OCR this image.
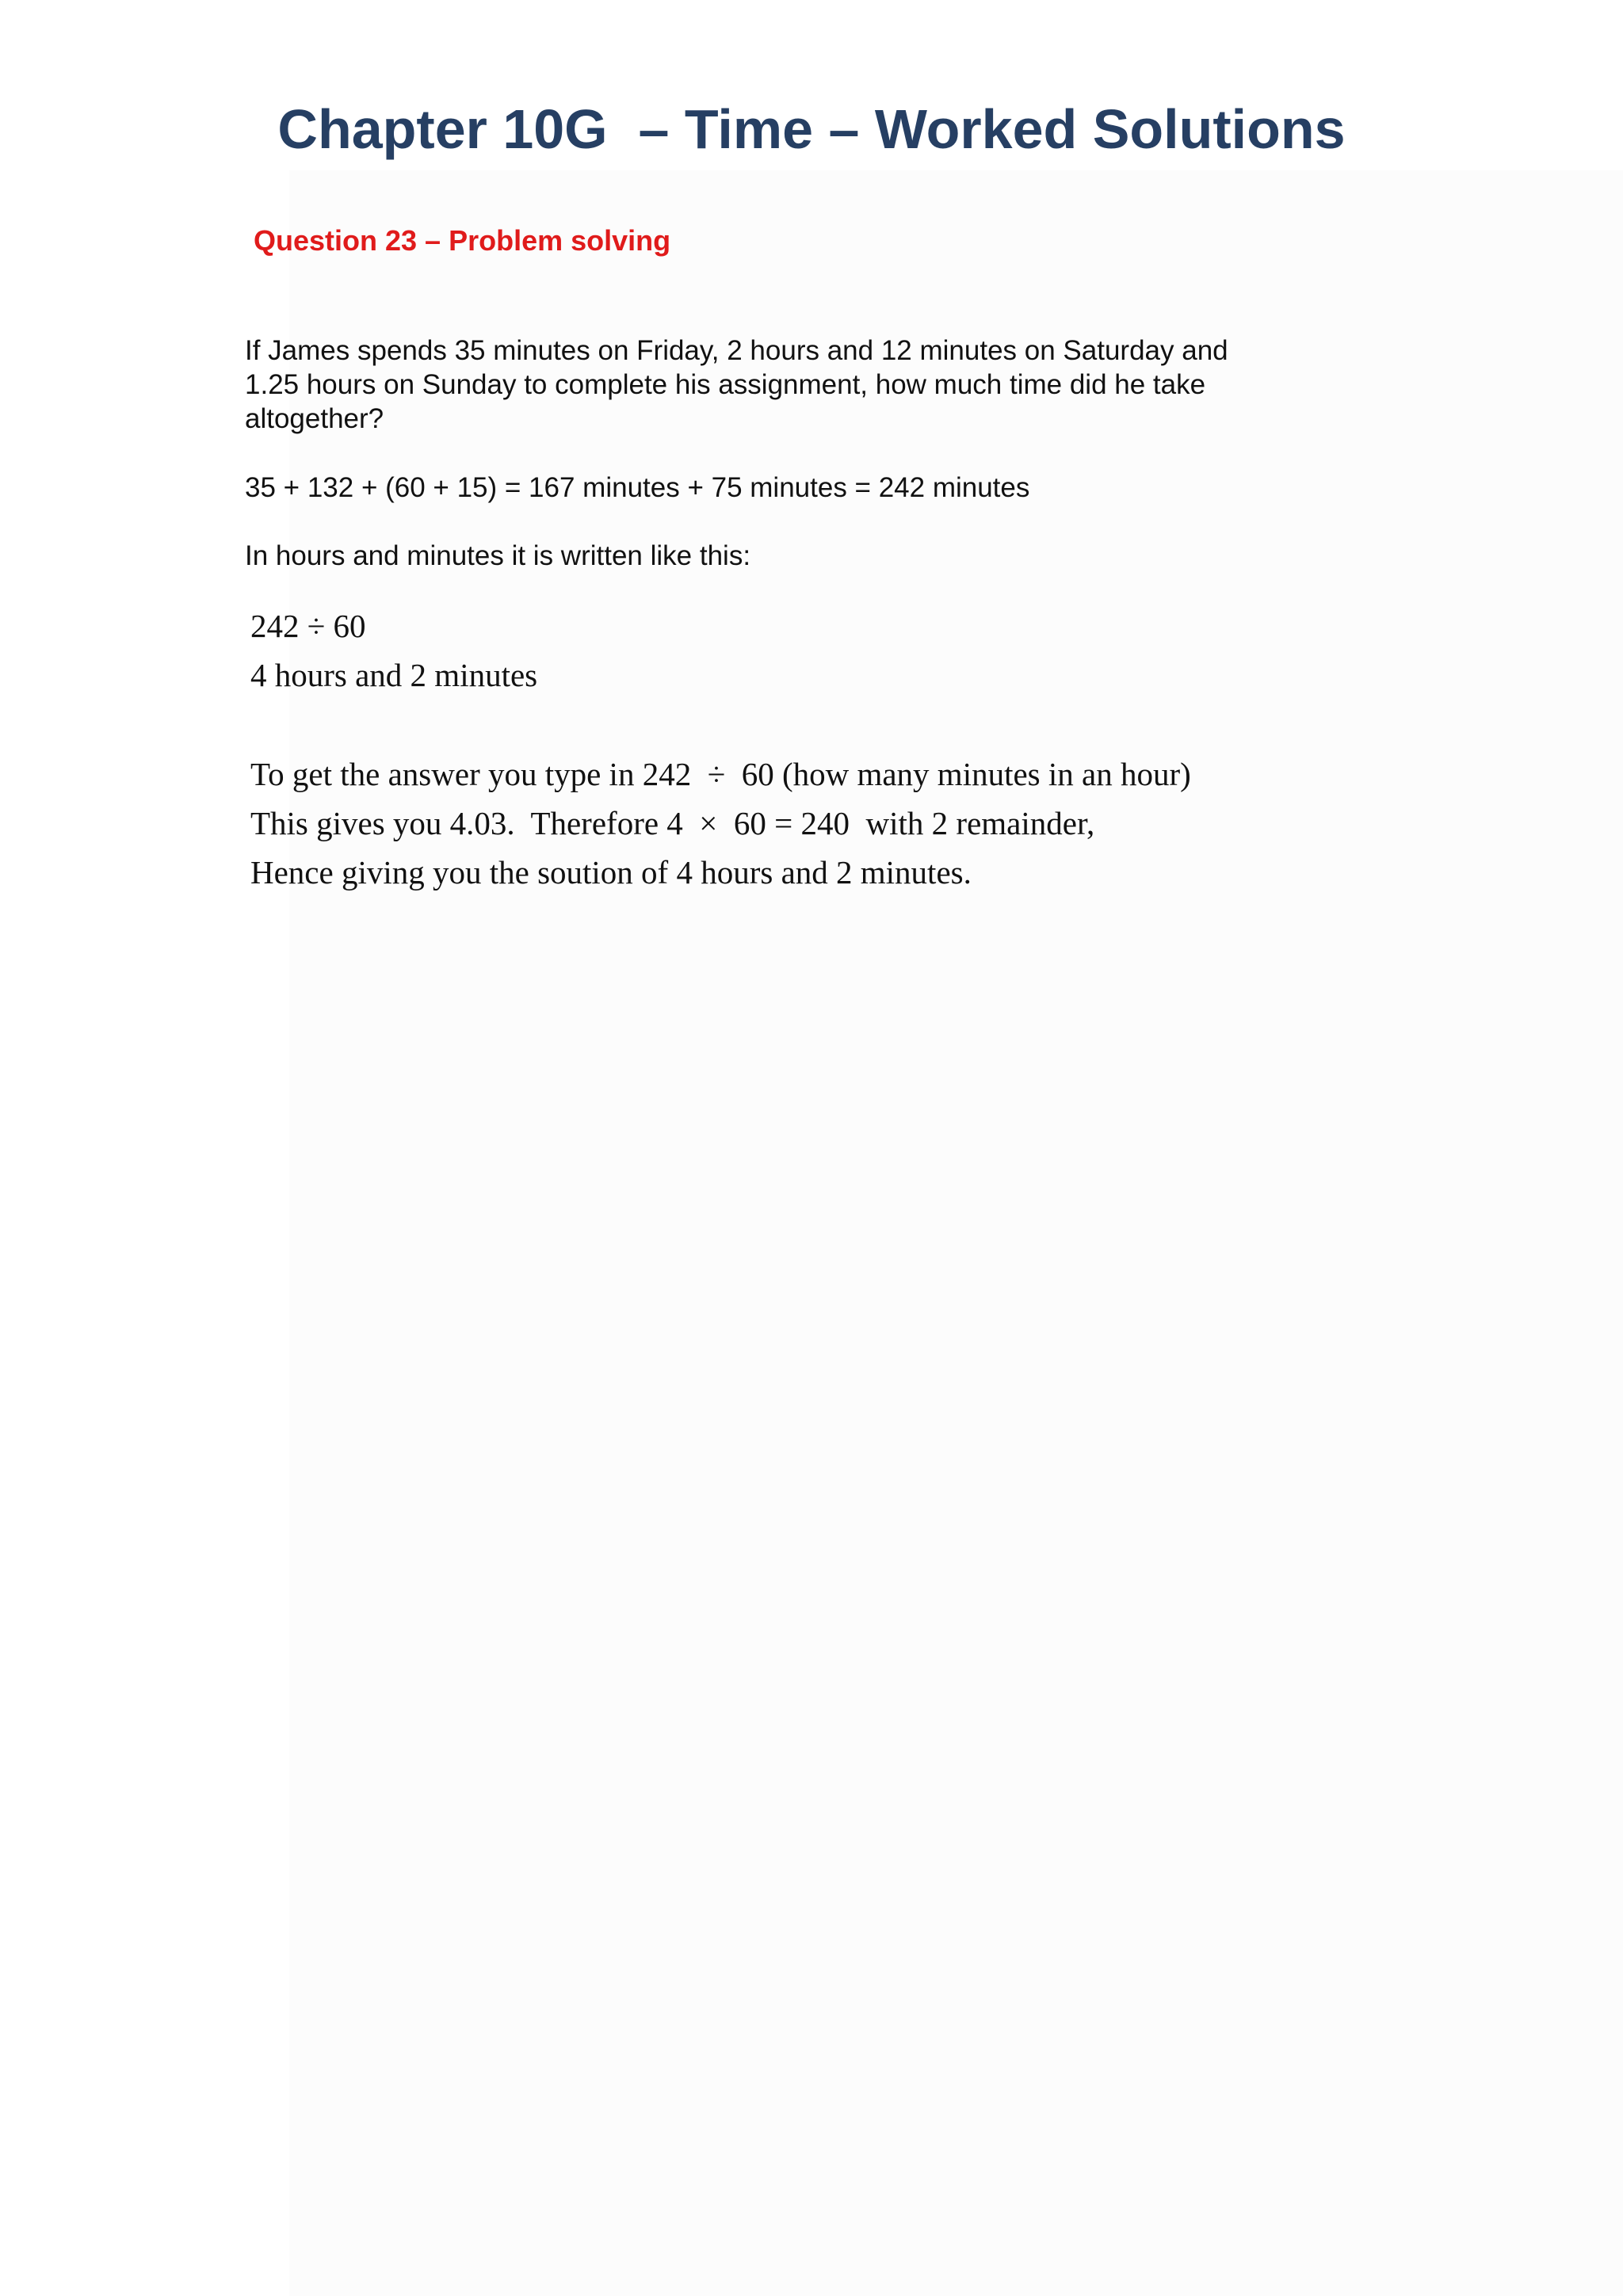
Chapter 10G  – Time – Worked Solutions
Question 23 – Problem solving
If James spends 35 minutes on Friday, 2 hours and 12 minutes on Saturday and
1.25 hours on Sunday to complete his assignment, how much time did he take
altogether?
35 + 132 + (60 + 15) = 167 minutes + 75 minutes = 242 minutes
In hours and minutes it is written like this:
242 ÷ 60
4 hours and 2 minutes
To get the answer you type in 242  ÷  60 (how many minutes in an hour)
This gives you 4.03.  Therefore 4  ×  60 = 240  with 2 remainder,
Hence giving you the soution of 4 hours and 2 minutes.
